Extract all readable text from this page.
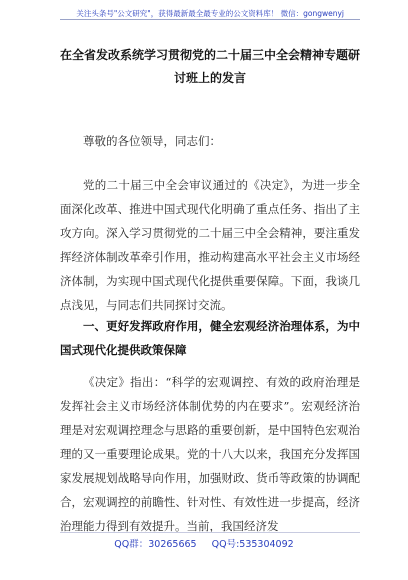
关注头条号"公文研究"，获得最新最全最专业的公文资料库！ 微信：gongwenyj
在全省发改系统学习贯彻党的二十届三中全会精神专题研
讨班上的发言
尊敬的各位领导，同志们：
党的二十届三中全会审议通过的《决定》，为进一步全面深化改革、推进中国式现代化明确了重点任务、指出了主攻方向。深入学习贯彻党的二十届三中全会精神，要注重发挥经济体制改革牵引作用，推动构建高水平社会主义市场经济体制，为实现中国式现代化提供重要保障。下面，我谈几点浅见，与同志们共同探讨交流。
一、更好发挥政府作用，健全宏观经济治理体系，为中国式现代化提供政策保障
《决定》指出：“科学的宏观调控、有效的政府治理是发挥社会主义市场经济体制优势的内在要求”。宏观经济治理是对宏观调控理念与思路的重要创新，是中国特色宏观治理的又一重要理论成果。党的十八大以来，我国充分发挥国家发展规划战略导向作用，加强财政、货币等政策的协调配合，宏观调控的前瞻性、针对性、有效性进一步提高，经济治理能力得到有效提升。当前，我国经济发
QQ群：30265665 QQ号:535304092
